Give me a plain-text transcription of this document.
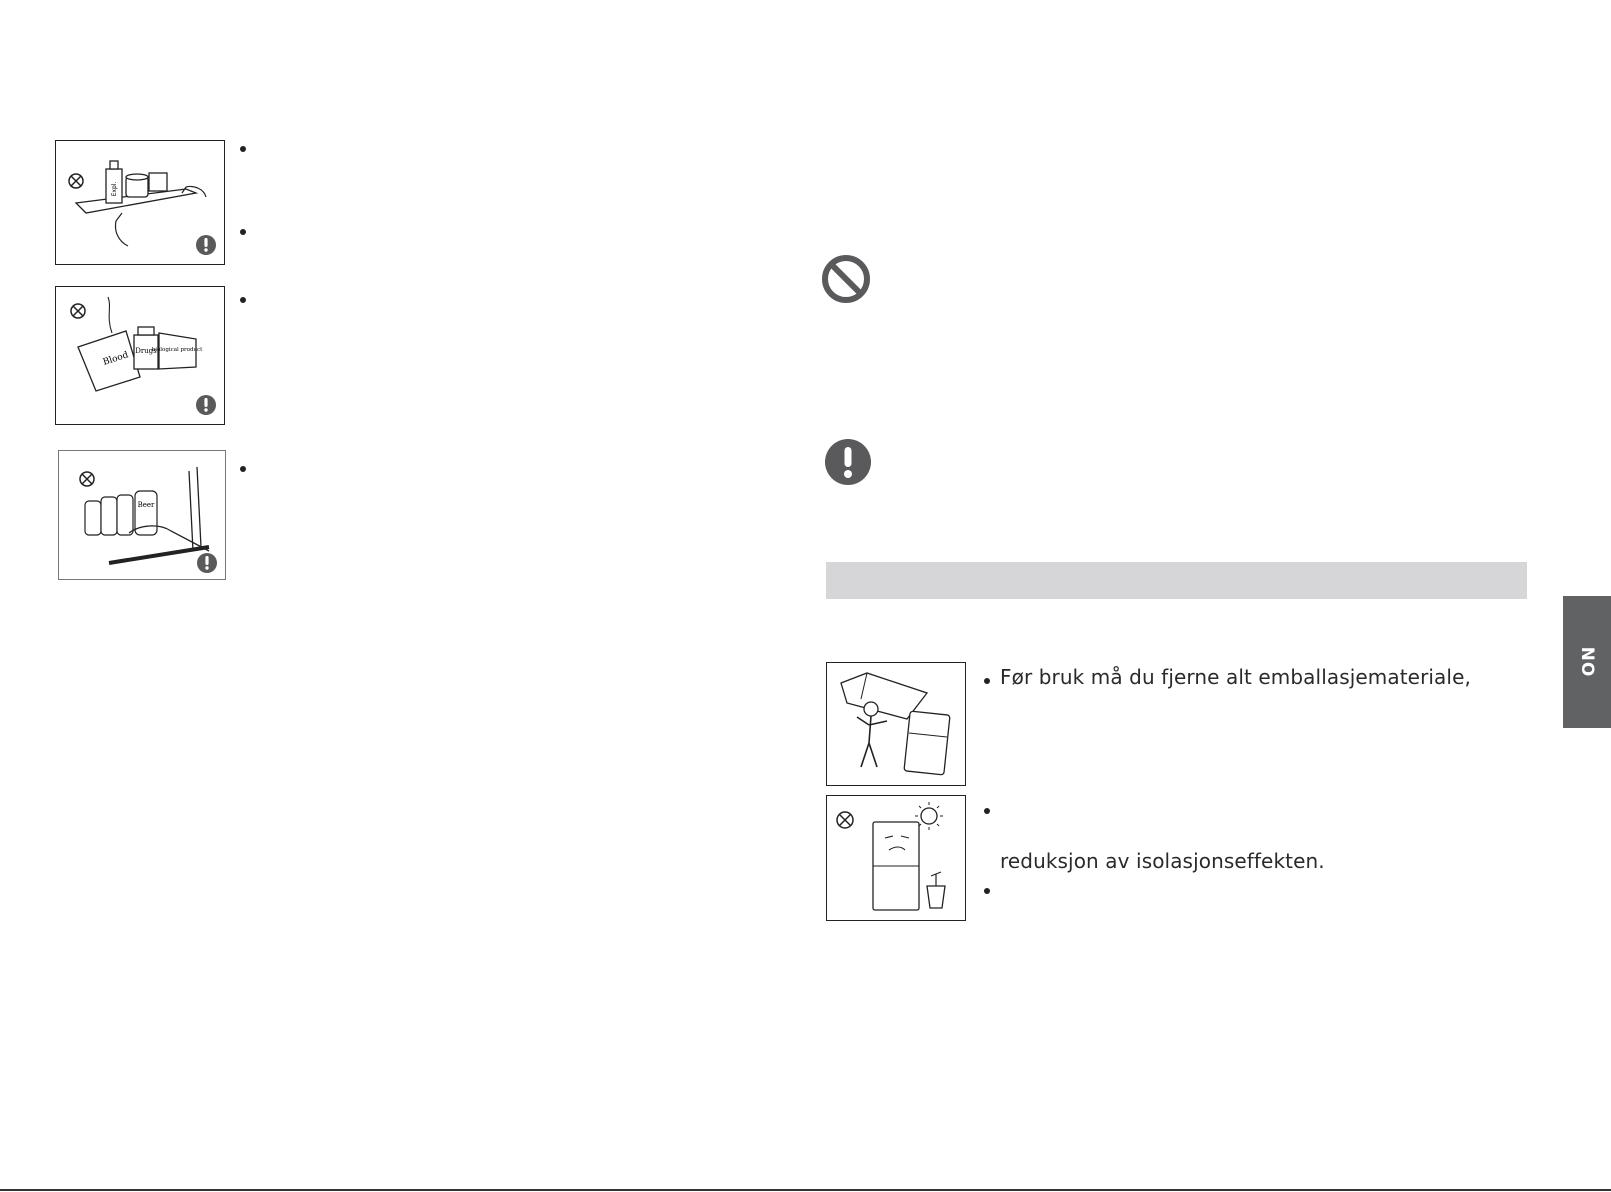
Expl.
Blood Drugs
biological product
Beer
Før bruk må du fjerne alt emballasjemateriale,
reduksjon av isolasjonseffekten.
NO
